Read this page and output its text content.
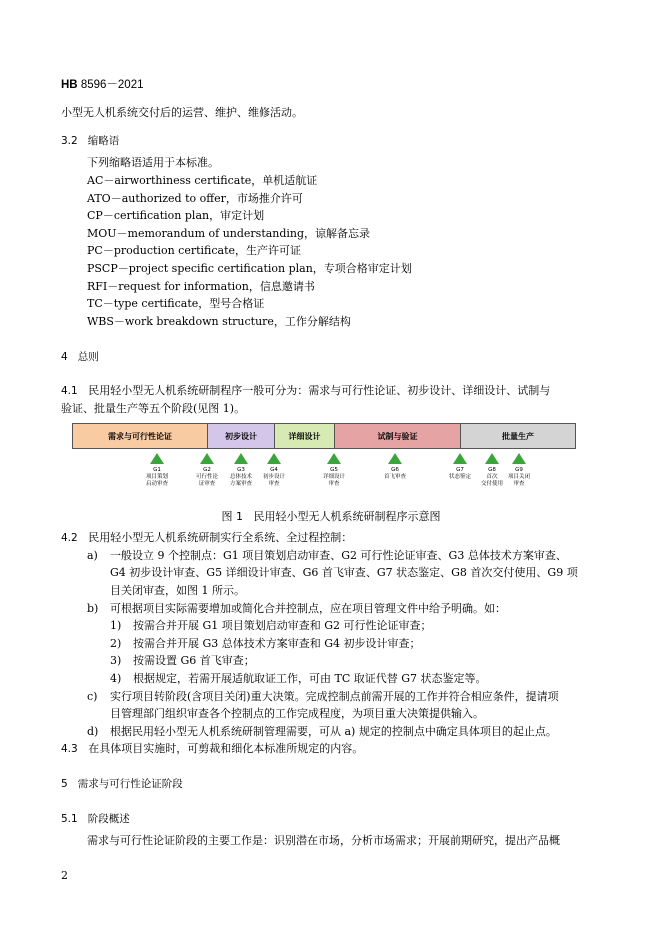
HB 8596－2021
小型无人机系统交付后的运营、维护、维修活动。
3.2 缩略语
下列缩略语适用于本标准。
AC－airworthiness certificate，单机适航证
ATO－authorized to offer，市场推介许可
CP－certification plan，审定计划
MOU－memorandum of understanding，谅解备忘录
PC－production certificate，生产许可证
PSCP－project specific certification plan，专项合格审定计划
RFI－request for information，信息邀请书
TC－type certificate，型号合格证
WBS－work breakdown structure，工作分解结构
4 总则
4.1 民用轻小型无人机系统研制程序一般可分为：需求与可行性论证、初步设计、详细设计、试制与
验证、批量生产等五个阶段(见图 1)。
需求与可行性论证	初步设计	详细设计	试制与验证	批量生产
G1
项目策划
启动审查
G2
可行性论
证审查
G3
总体技术
方案审查
G4
初步设计
审查
G5
详细设计
审查
G6
首飞审查
G7
状态鉴定
G8
首次
交付使用
G9
项目关闭
审查
图 1 民用轻小型无人机系统研制程序示意图
4.2 民用轻小型无人机系统研制实行全系统、全过程控制：
a) 一般设立 9 个控制点：G1 项目策划启动审查、G2 可行性论证审查、G3 总体技术方案审查、
G4 初步设计审查、G5 详细设计审查、G6 首飞审查、G7 状态鉴定、G8 首次交付使用、G9 项
目关闭审查，如图 1 所示。
b) 可根据项目实际需要增加或简化合并控制点，应在项目管理文件中给予明确。如：
1) 按需合并开展 G1 项目策划启动审查和 G2 可行性论证审查；
2) 按需合并开展 G3 总体技术方案审查和 G4 初步设计审查；
3) 按需设置 G6 首飞审查；
4) 根据规定，若需开展适航取证工作，可由 TC 取证代替 G7 状态鉴定等。
c) 实行项目转阶段(含项目关闭)重大决策。完成控制点前需开展的工作并符合相应条件，提请项
目管理部门组织审查各个控制点的工作完成程度，为项目重大决策提供输入。
d) 根据民用轻小型无人机系统研制管理需要，可从 a) 规定的控制点中确定具体项目的起止点。
4.3 在具体项目实施时，可剪裁和细化本标准所规定的内容。
5 需求与可行性论证阶段
5.1 阶段概述
需求与可行性论证阶段的主要工作是：识别潜在市场，分析市场需求；开展前期研究，提出产品概
2
